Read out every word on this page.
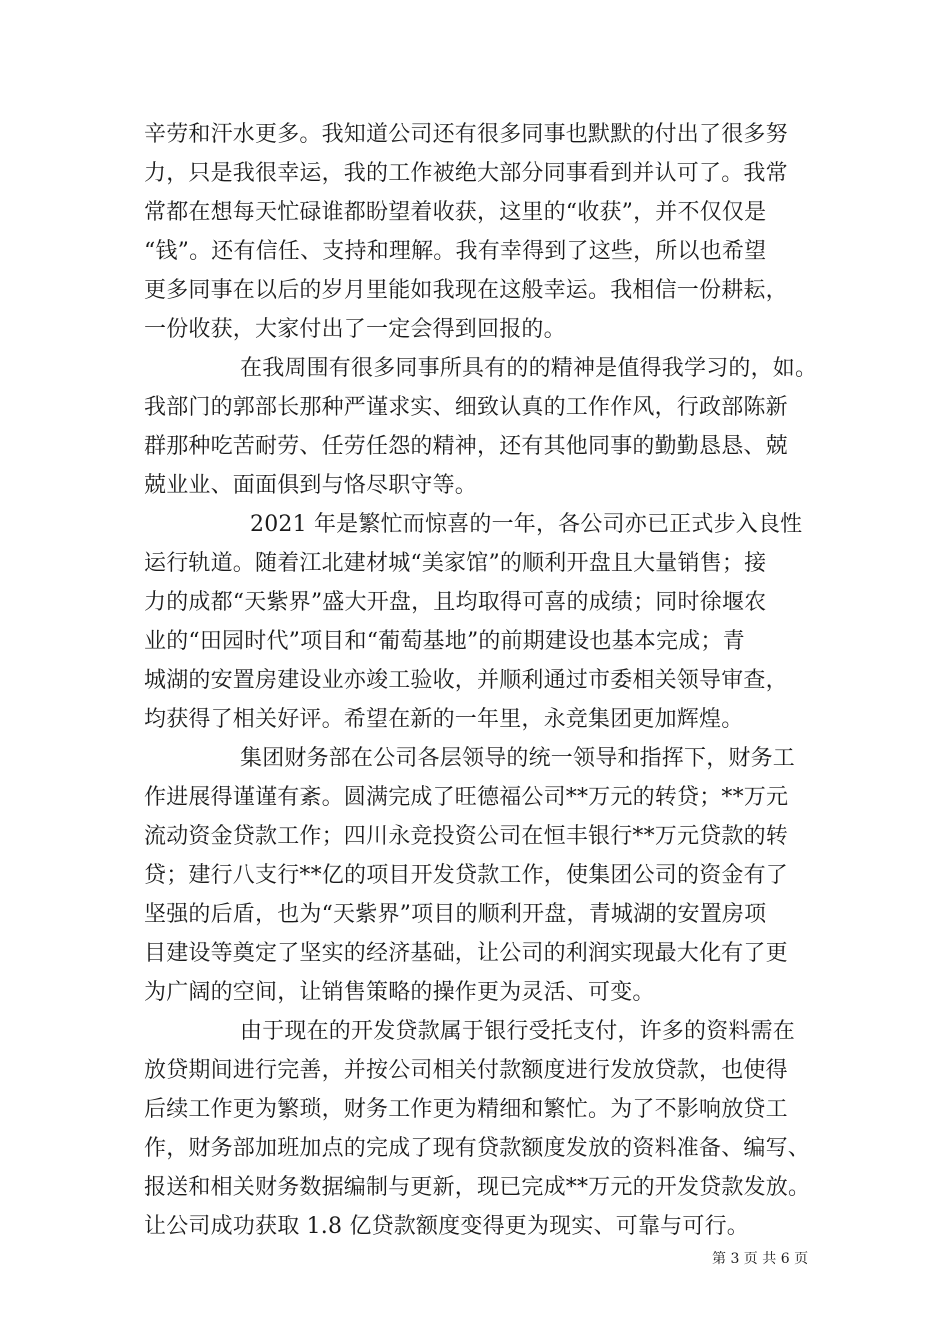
辛劳和汗水更多。我知道公司还有很多同事也默默的付出了很多努
力，只是我很幸运，我的工作被绝大部分同事看到并认可了。我常
常都在想每天忙碌谁都盼望着收获，这里的“收获”，并不仅仅是
“钱”。还有信任、支持和理解。我有幸得到了这些，所以也希望
更多同事在以后的岁月里能如我现在这般幸运。我相信一份耕耘，
一份收获，大家付出了一定会得到回报的。
在我周围有很多同事所具有的的精神是值得我学习的，如。
我部门的郭部长那种严谨求实、细致认真的工作作风，行政部陈新
群那种吃苦耐劳、任劳任怨的精神，还有其他同事的勤勤恳恳、兢
兢业业、面面俱到与恪尽职守等。
2021 年是繁忙而惊喜的一年，各公司亦已正式步入良性
运行轨道。随着江北建材城“美家馆”的顺利开盘且大量销售；接
力的成都“天紫界”盛大开盘，且均取得可喜的成绩；同时徐堰农
业的“田园时代”项目和“葡萄基地”的前期建设也基本完成；青
城湖的安置房建设业亦竣工验收，并顺利通过市委相关领导审查，
均获得了相关好评。希望在新的一年里，永竞集团更加辉煌。
集团财务部在公司各层领导的统一领导和指挥下，财务工
作进展得谨谨有紊。圆满完成了旺德福公司**万元的转贷；**万元
流动资金贷款工作；四川永竞投资公司在恒丰银行**万元贷款的转
贷；建行八支行**亿的项目开发贷款工作，使集团公司的资金有了
坚强的后盾，也为“天紫界”项目的顺利开盘，青城湖的安置房项
目建设等奠定了坚实的经济基础，让公司的利润实现最大化有了更
为广阔的空间，让销售策略的操作更为灵活、可变。
由于现在的开发贷款属于银行受托支付，许多的资料需在
放贷期间进行完善，并按公司相关付款额度进行发放贷款，也使得
后续工作更为繁琐，财务工作更为精细和繁忙。为了不影响放贷工
作，财务部加班加点的完成了现有贷款额度发放的资料准备、编写、
报送和相关财务数据编制与更新，现已完成**万元的开发贷款发放。
让公司成功获取 1.8 亿贷款额度变得更为现实、可靠与可行。
第 3 页 共 6 页
